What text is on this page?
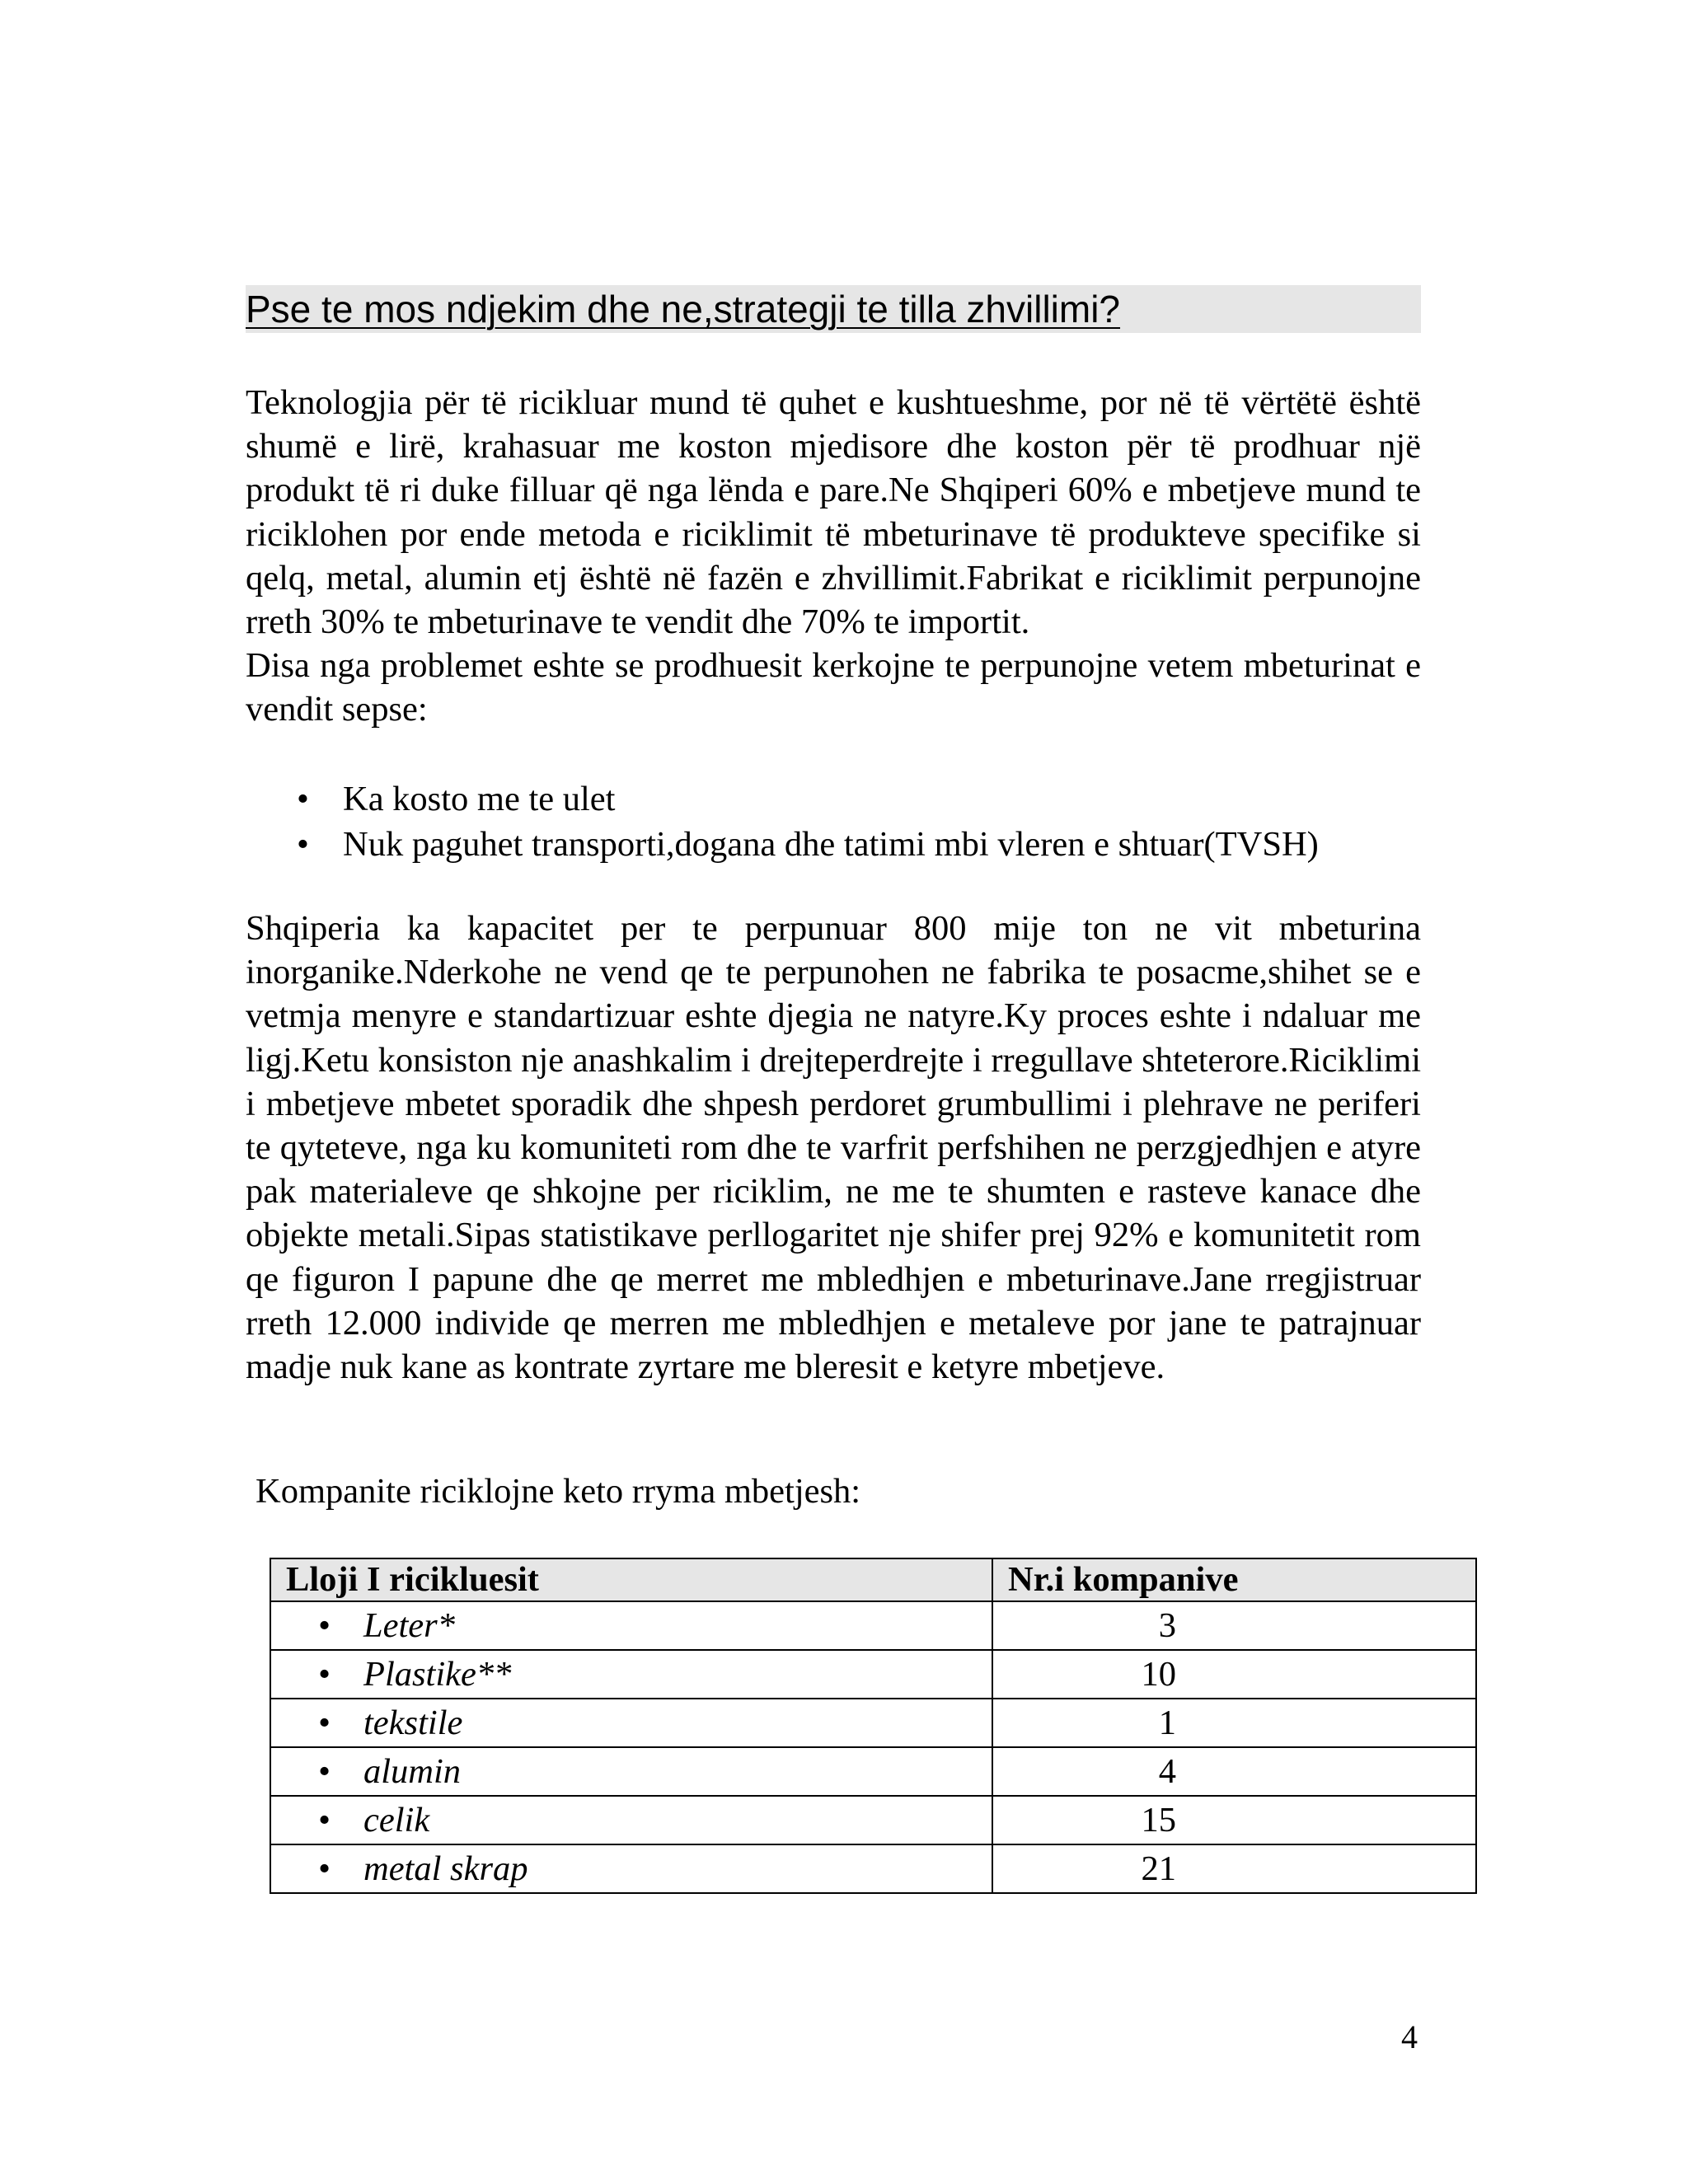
Pse te mos ndjekim dhe ne,strategji te tilla zhvillimi?

Teknologjia për të ricikluar mund të quhet e kushtueshme, por në të vërtëtë është shumë e lirë, krahasuar me koston mjedisore dhe koston për të prodhuar një produkt të ri duke filluar që nga lënda e pare.Ne Shqiperi 60% e mbetjeve mund te riciklohen por ende metoda e riciklimit të mbeturinave të produkteve specifike si qelq, metal, alumin etj është në fazën e zhvillimit.Fabrikat e riciklimit perpunojne rreth 30% te mbeturinave te vendit dhe 70% te importit.

Disa nga problemet eshte se prodhuesit kerkojne te perpunojne vetem mbeturinat e vendit sepse:

• Ka kosto me te ulet
• Nuk paguhet transporti,dogana dhe tatimi mbi vleren e shtuar(TVSH)

Shqiperia ka kapacitet per te perpunuar 800 mije ton ne vit mbeturina inorganike.Nderkohe ne vend qe te perpunohen ne fabrika te posacme,shihet se e vetmja menyre e standartizuar eshte djegia ne natyre.Ky proces eshte i ndaluar me ligj.Ketu konsiston nje anashkalim i drejteperdrejte i rregullave shteterore.Riciklimi i mbetjeve mbetet sporadik dhe shpesh perdoret grumbullimi i plehrave ne periferi te qyteteve, nga ku komuniteti rom dhe te varfrit perfshihen ne perzgjedhjen e atyre pak materialeve qe shkojne per riciklim, ne me te shumten e rasteve kanace dhe objekte metali.Sipas statistikave perllogaritet nje shifer prej 92% e komunitetit rom qe figuron I papune dhe qe merret me mbledhjen e mbeturinave.Jane rregjistruar rreth 12.000 individe qe merren me mbledhjen e metaleve por jane te patrajnuar madje nuk kane as kontrate zyrtare me bleresit e ketyre mbetjeve.

Kompanite riciklojne keto rryma mbetjesh:
Lloji I ricikluesit	Nr.i kompanive
• Leter*	3
• Plastike**	10
• tekstile	1
• alumin	4
• celik	15
• metal skrap	21
4
